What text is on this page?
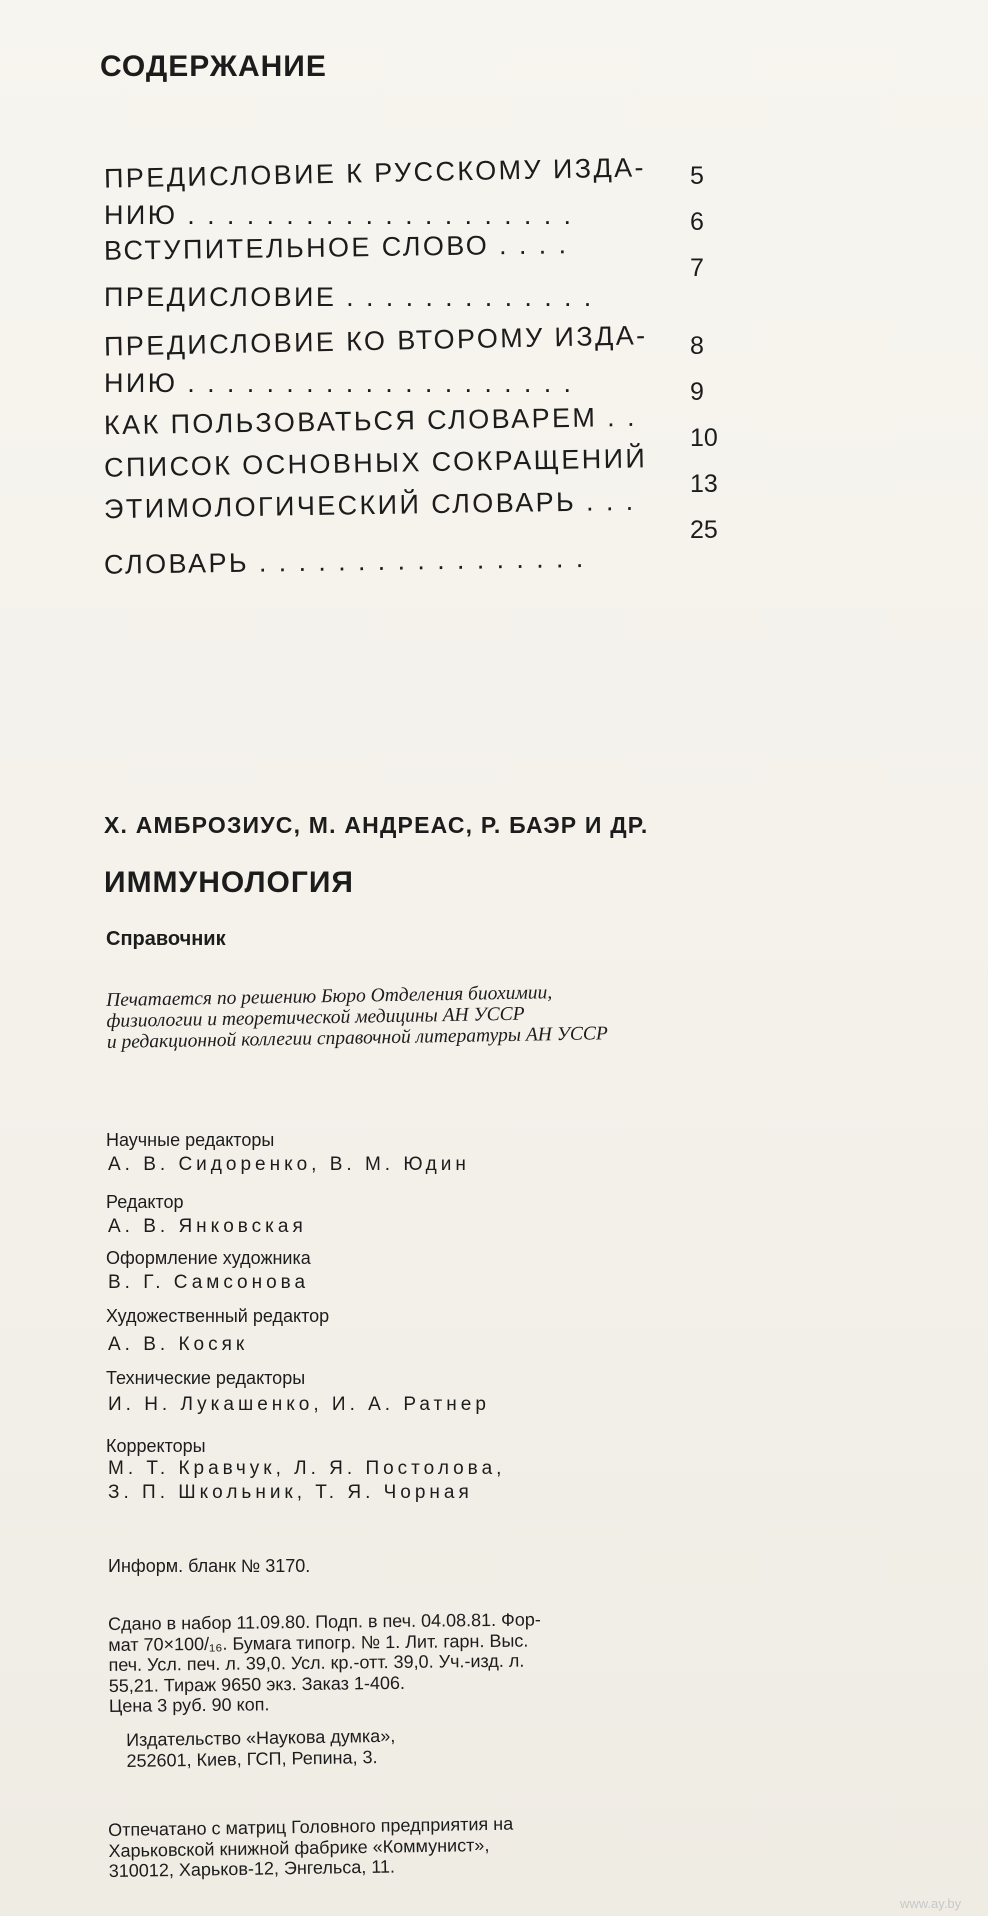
СОДЕРЖАНИЕ
ПРЕДИСЛОВИЕ К РУССКОМУ ИЗДА- 5
НИЮ . . . . . . . . . . . . . . . . . . . .	6
ВСТУПИТЕЛЬНОЕ СЛОВО . . . .
7
ПРЕДИСЛОВИЕ . . . . . . . . . . . . .
ПРЕДИСЛОВИЕ КО ВТОРОМУ ИЗДА- 8
НИЮ . . . . . . . . . . . . . . . . . . . .	9
КАК ПОЛЬЗОВАТЬСЯ СЛОВАРЕМ . . 10
СПИСОК ОСНОВНЫХ СОКРАЩЕНИЙ
13
ЭТИМОЛОГИЧЕСКИЙ СЛОВАРЬ . . .
25
СЛОВАРЬ . . . . . . . . . . . . . . . . .
Х. АМБРОЗИУС, М. АНДРЕАС, Р. БАЭР И ДР.
ИММУНОЛОГИЯ
Справочник
Печатается по решению Бюро Отделения биохимии,
физиологии и теоретической медицины АН УССР
и редакционной коллегии справочной литературы АН УССР
Научные редакторы
А. В. Сидоренко, В. М. Юдин
Редактор
А. В. Янковская
Оформление художника
В. Г. Самсонова
Художественный редактор
А. В. Косяк
Технические редакторы
И. Н. Лукашенко, И. А. Ратнер
Корректоры
М. Т. Кравчук, Л. Я. Постолова,
З. П. Школьник, Т. Я. Чорная
Информ. бланк № 3170.
Сдано в набор 11.09.80. Подп. в печ. 04.08.81. Фор-
мат 70×100/₁₆. Бумага типогр. № 1. Лит. гарн. Выс.
печ. Усл. печ. л. 39,0. Усл. кр.-отт. 39,0. Уч.-изд. л.
55,21. Тираж 9650 экз. Заказ 1-406.
Цена 3 руб. 90 коп.
Издательство «Наукова думка»,
252601, Киев, ГСП, Репина, 3.
Отпечатано с матриц Головного предприятия на
Харьковской книжной фабрике «Коммунист»,
310012, Харьков-12, Энгельса, 11.
www.ay.by
